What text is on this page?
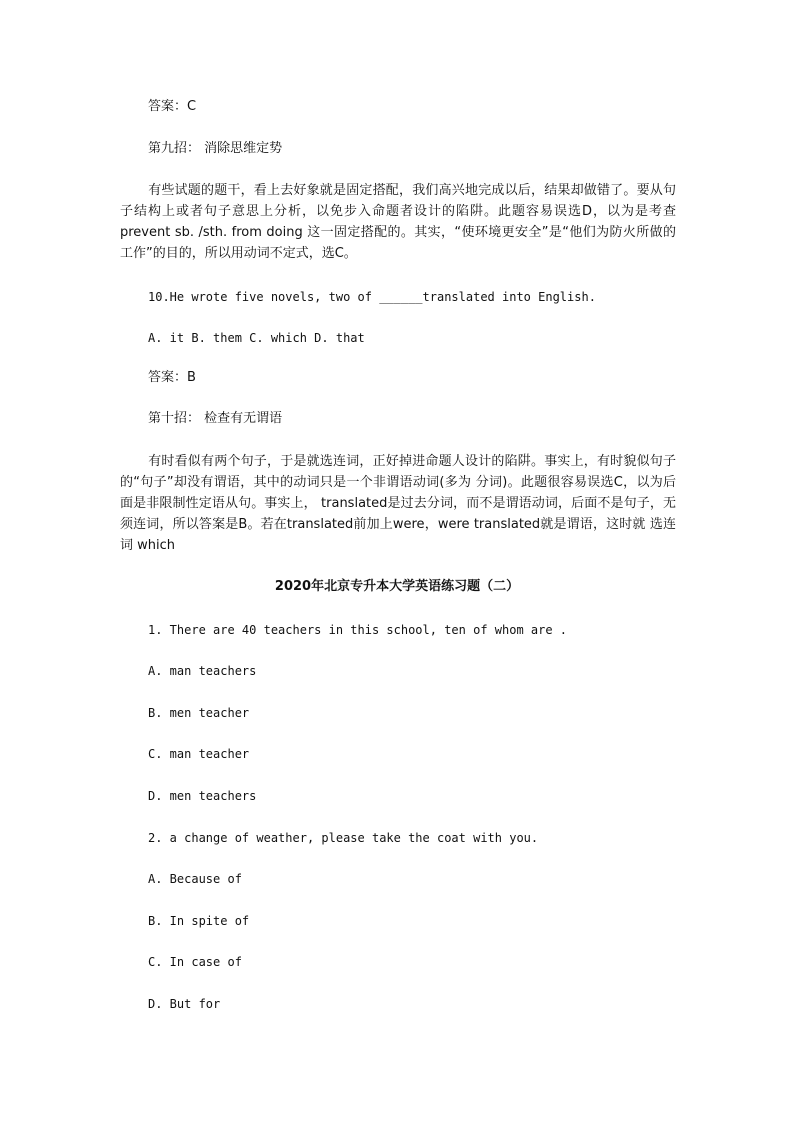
答案：C
第九招： 消除思维定势
有些试题的题干，看上去好象就是固定搭配，我们高兴地完成以后，结果却做错了。要从句子结构上或者句子意思上分析，以免步入命题者设计的陷阱。此题容易误选D，以为是考查prevent sb. /sth. from doing 这一固定搭配的。其实，“使环境更安全”是“他们为防火所做的工作”的目的，所以用动词不定式，选C。
10.He wrote five novels, two of ______translated into English.
A. it B. them C. which D. that
答案：B
第十招： 检查有无谓语
有时看似有两个句子，于是就选连词，正好掉进命题人设计的陷阱。事实上，有时貌似句子的“句子”却没有谓语，其中的动词只是一个非谓语动词(多为 分词)。此题很容易误选C，以为后面是非限制性定语从句。事实上， translated是过去分词，而不是谓语动词，后面不是句子，无须连词，所以答案是B。若在translated前加上were，were translated就是谓语，这时就 选连词 which
2020年北京专升本大学英语练习题（二）
1. There are 40 teachers in this school, ten of whom are .
A. man teachers
B. men teacher
C. man teacher
D. men teachers
2. a change of weather, please take the coat with you.
A. Because of
B. In spite of
C. In case of
D. But for
